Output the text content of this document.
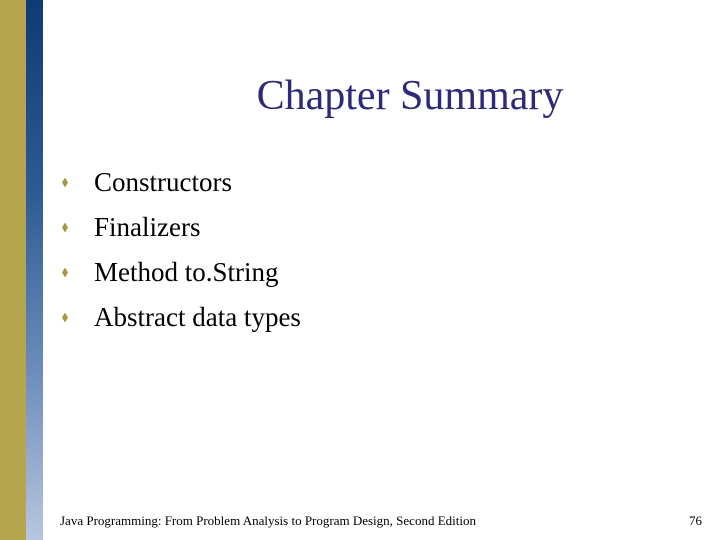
Chapter Summary
Constructors
Finalizers
Method to.String
Abstract data types
Java Programming: From Problem Analysis to Program Design, Second Edition	76
